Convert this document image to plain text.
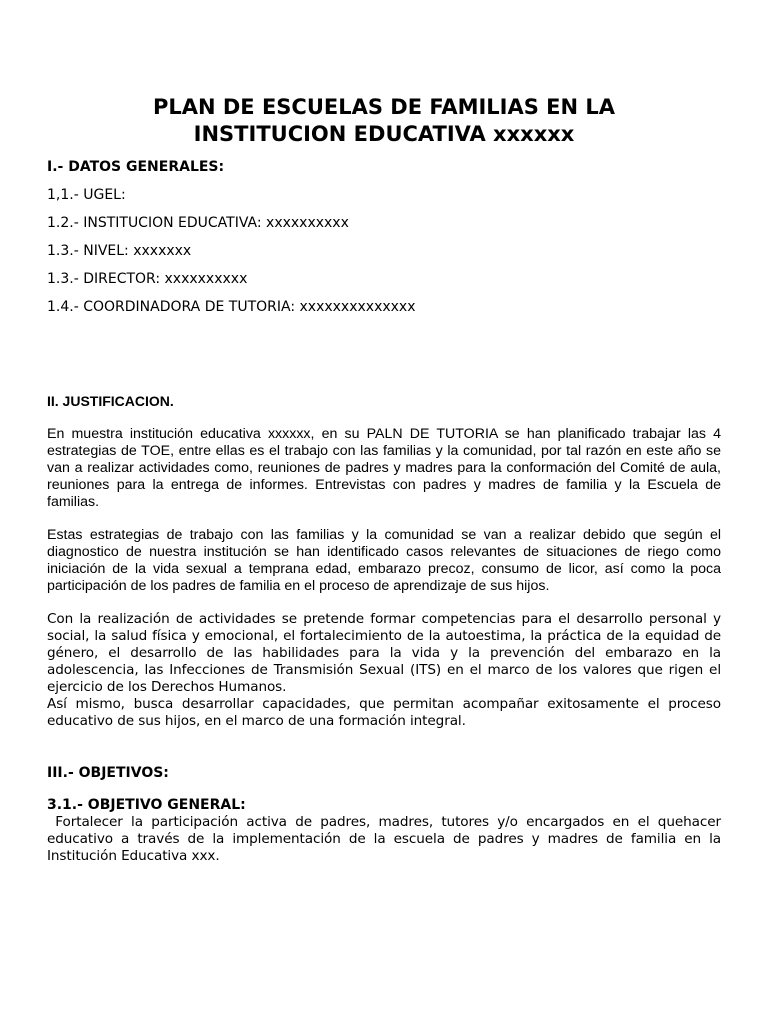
PLAN DE ESCUELAS DE FAMILIAS EN LA
INSTITUCION EDUCATIVA xxxxxx
I.- DATOS GENERALES:

1,1.- UGEL:

1.2.- INSTITUCION EDUCATIVA: xxxxxxxxxx

1.3.- NIVEL: xxxxxxx

1.3.- DIRECTOR: xxxxxxxxxx

1.4.- COORDINADORA DE TUTORIA: xxxxxxxxxxxxxx

II. JUSTIFICACION.

En muestra institución educativa xxxxxx, en su PALN DE TUTORIA se han planificado trabajar las 4 estrategias de TOE, entre ellas es el trabajo con las familias y la comunidad, por tal razón en este año se van a realizar actividades como, reuniones de padres y madres para la conformación del Comité de aula, reuniones para la entrega de informes. Entrevistas con padres y madres de familia y la Escuela de familias.

Estas estrategias de trabajo con las familias y la comunidad se van a realizar debido que según el diagnostico de nuestra institución se han identificado casos relevantes de situaciones de riego como iniciación de la vida sexual a temprana edad, embarazo precoz, consumo de licor, así como la poca participación de los padres de familia en el proceso de aprendizaje de sus hijos.

Con la realización de actividades se pretende formar competencias para el desarrollo personal y social, la salud física y emocional, el fortalecimiento de la autoestima, la práctica de la equidad de género, el desarrollo de las habilidades para la vida y la prevención del embarazo en la adolescencia, las Infecciones de Transmisión Sexual (ITS) en el marco de los valores que rigen el ejercicio de los Derechos Humanos.

Así mismo, busca desarrollar capacidades, que permitan acompañar exitosamente el proceso educativo de sus hijos, en el marco de una formación integral.

III.- OBJETIVOS:
3.1.- OBJETIVO GENERAL:

Fortalecer la participación activa de padres, madres, tutores y/o encargados en el quehacer educativo a través de la implementación de la escuela de padres y madres de familia en la Institución Educativa xxx.
